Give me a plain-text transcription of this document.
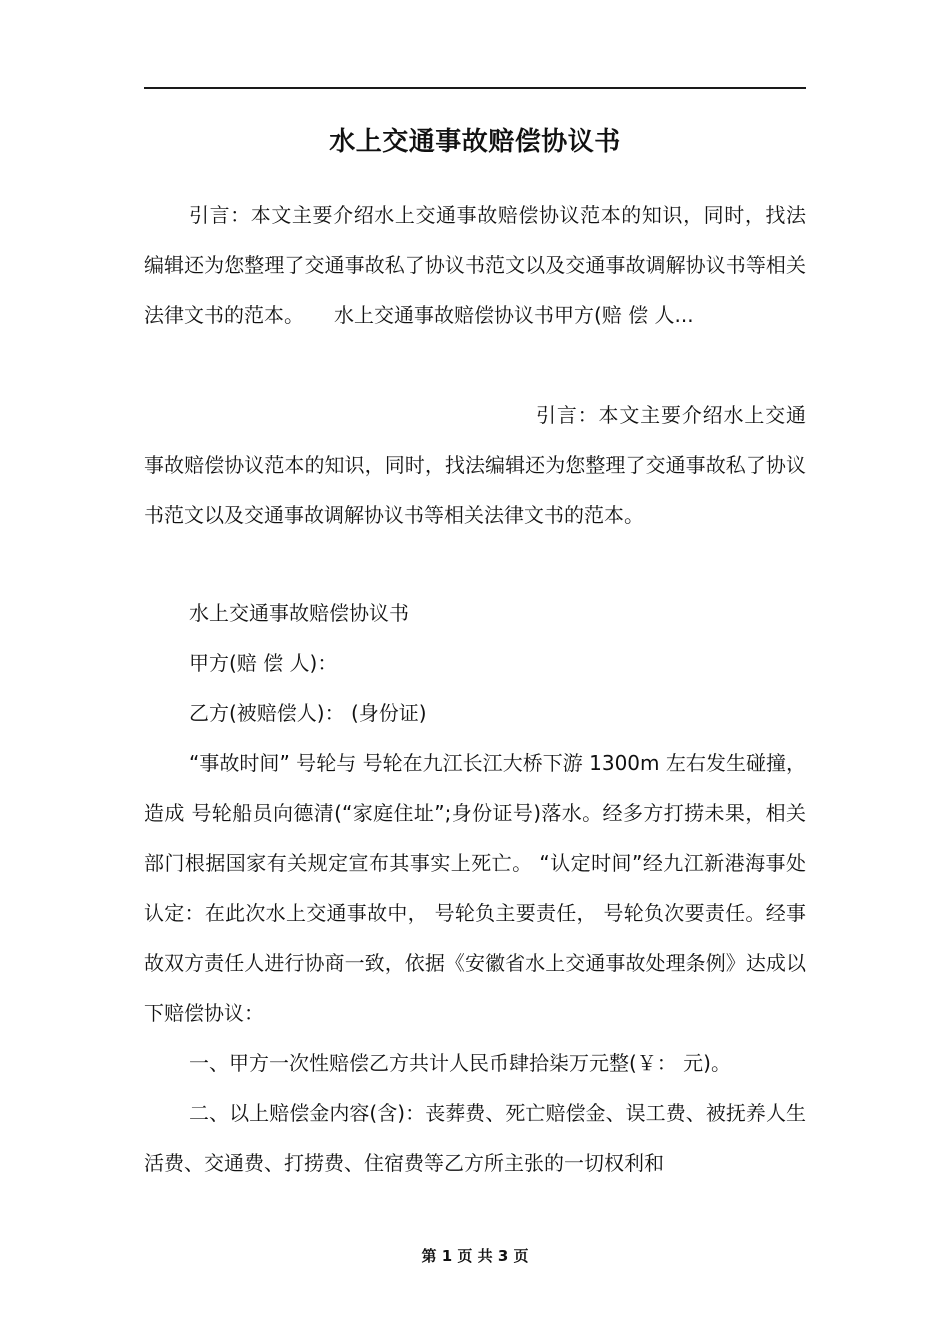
水上交通事故赔偿协议书
引言：本文主要介绍水上交通事故赔偿协议范本的知识，同时，找法编辑还为您整理了交通事故私了协议书范文以及交通事故调解协议书等相关法律文书的范本。　　水上交通事故赔偿协议书甲方(赔 偿 人...
引言：本文主要介绍水上交通事故赔偿协议范本的知识，同时，找法编辑还为您整理了交通事故私了协议书范文以及交通事故调解协议书等相关法律文书的范本。

水上交通事故赔偿协议书

甲方(赔 偿 人)：

乙方(被赔偿人)： (身份证)

“事故时间” 号轮与 号轮在九江长江大桥下游 1300m 左右发生碰撞，造成 号轮船员向德清(“家庭住址”;身份证号)落水。经多方打捞未果，相关部门根据国家有关规定宣布其事实上死亡。 “认定时间”经九江新港海事处认定：在此次水上交通事故中， 号轮负主要责任， 号轮负次要责任。经事故双方责任人进行协商一致，依据《安徽省水上交通事故处理条例》达成以下赔偿协议：

一、甲方一次性赔偿乙方共计人民币肆拾柒万元整(￥： 元)。

二、以上赔偿金内容(含)：丧葬费、死亡赔偿金、误工费、被抚养人生活费、交通费、打捞费、住宿费等乙方所主张的一切权利和

第 1 页 共 3 页
